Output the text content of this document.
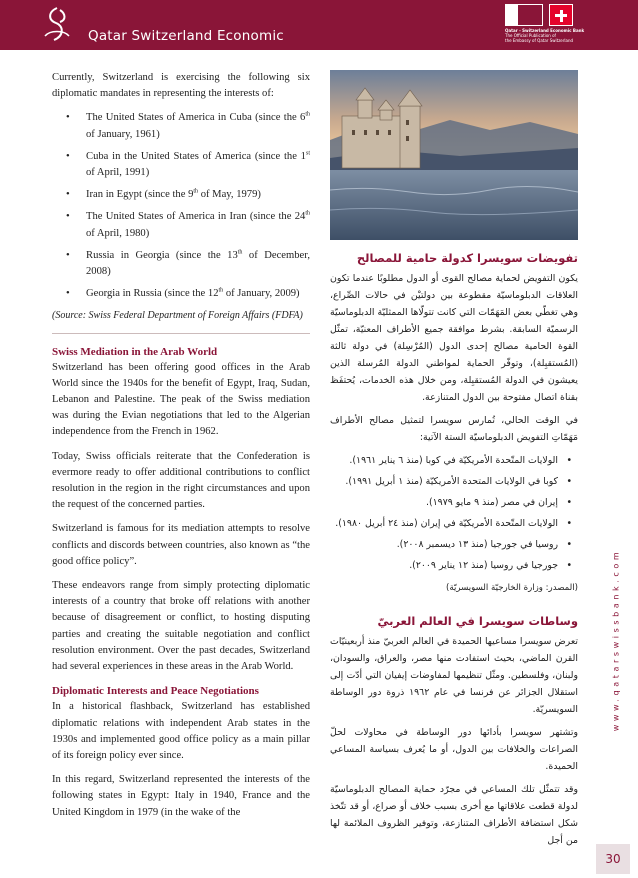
Qatar Switzerland Economic	Qatar - Switzerland Economic Bank
The Official Publication of
the Embassy of Qatar Switzerland

Currently, Switzerland is exercising the following six diplomatic mandates in representing the interests of:

• The United States of America in Cuba (since the 6th of January, 1961)
• Cuba in the United States of America (since the 1st of April, 1991)
• Iran in Egypt (since the 9th of May, 1979)
• The United States of America in Iran (since the 24th of April, 1980)
• Russia in Georgia (since the 13th of December, 2008)
• Georgia in Russia (since the 12th of January, 2009)

(Source: Swiss Federal Department of Foreign Affairs (FDFA)

Swiss Mediation in the Arab World

Switzerland has been offering good offices in the Arab World since the 1940s for the benefit of Egypt, Iraq, Sudan, Lebanon and Palestine. The peak of the Swiss mediation was during the Evian negotiations that led to the Algerian independence from the French in 1962.

Today, Swiss officials reiterate that the Confederation is evermore ready to offer additional contributions to conflict resolution in the region in the right circumstances and upon the request of the concerned parties.

Switzerland is famous for its mediation attempts to resolve conflicts and discords between countries, also known as “the good office policy”.

These endeavors range from simply protecting diplomatic interests of a country that broke off relations with another because of disagreement or conflict, to hosting disputing parties and creating the suitable negotiation and conflict resolution environment. Over the past decades, Switzerland had several experiences in these areas in the Arab World.

Diplomatic Interests and Peace Negotiations

In a historical flashback, Switzerland has established diplomatic relations with independent Arab states in the 1930s and implemented good office policy as a main pillar of its foreign policy ever since.

In this regard, Switzerland represented the interests of the following states in Egypt: Italy in 1940, France and the United Kingdom in 1979 (in the wake of the

تفويضات سويسرا كدولة حامية للمصالح

يكون التفويض لحماية مصالح القوى أو الدول مطلوبًا عندما تكون العلاقات الدبلوماسيّة مقطوعة بين دولتيْن في حالات الصِّراع، وهي تغطّي بعض المَهَمّات التي كانت تتولّاها الممثليّة الدبلوماسيّة الرسميّة السابقة. بشرط موافقة جميع الأطراف المعنيّة، تمثّل القوة الحامية مصالح إحدى الدول (المُرْسِلة) في دولة ثالثة (المُستقبِلة)، وتوفّر الحماية لمواطني الدولة المُرسلة الذين يعيشون في الدولة المُستقبِلة، ومن خلال هذه الخدمات، يُحتفَظ بقناة اتصال مفتوحة بين الدول المتنازعة.

في الوقت الحالي، تُمارس سويسرا لتمثيل مصالح الأطراف مَهَمّاتِ التفويض الدبلوماسيّة الستة الآتية:

• الولايات المتّحدة الأمريكيّة في كوبا (منذ ٦ يناير ١٩٦١).
• كوبا في الولايات المتحدة الأمريكيّة (منذ ١ أبريل ١٩٩١).
• إيران في مصر (منذ ٩ مايو ١٩٧٩).
• الولايات المتّحدة الأمريكيّة في إيران (منذ ٢٤ أبريل ١٩٨٠).
• روسيا في جورجيا (منذ ١٣ ديسمبر ٢٠٠٨).
• جورجيا في روسيا (منذ ١٢ يناير ٢٠٠٩).

(المصدر: وزارة الخارجيّة السويسريّة)

وساطات سويسرا في العالم العربيّ

تعرض سويسرا مساعيها الحميدة في العالم العربيّ منذ أربعينيّات القرن الماضي، بحيث استفادت منها مصر، والعراق، والسودان، ولبنان، وفلسطين. ومثّل تنظيمها لمفاوضات إيفيان التي أدّت إلى استقلال الجزائر عن فرنسا في عام ١٩٦٢ ذروة دور الوساطة السويسريّة.

وتشتهر سويسرا بأدائها دور الوساطة في محاولات لحلّ الصراعات والخلافات بين الدول، أو ما يُعرف بسياسة المساعي الحميدة.

وقد تتمثّل تلك المساعي في مجرّد حماية المصالح الدبلوماسيّة لدولة قطعت علاقاتها مع أخرى بسبب خلاف أو صراع، أو قد تتّخذ شكل استضافة الأطراف المتنازعة، وتوفير الظروف الملائمة لها من أجل

www.qatarswissbank.com
30
